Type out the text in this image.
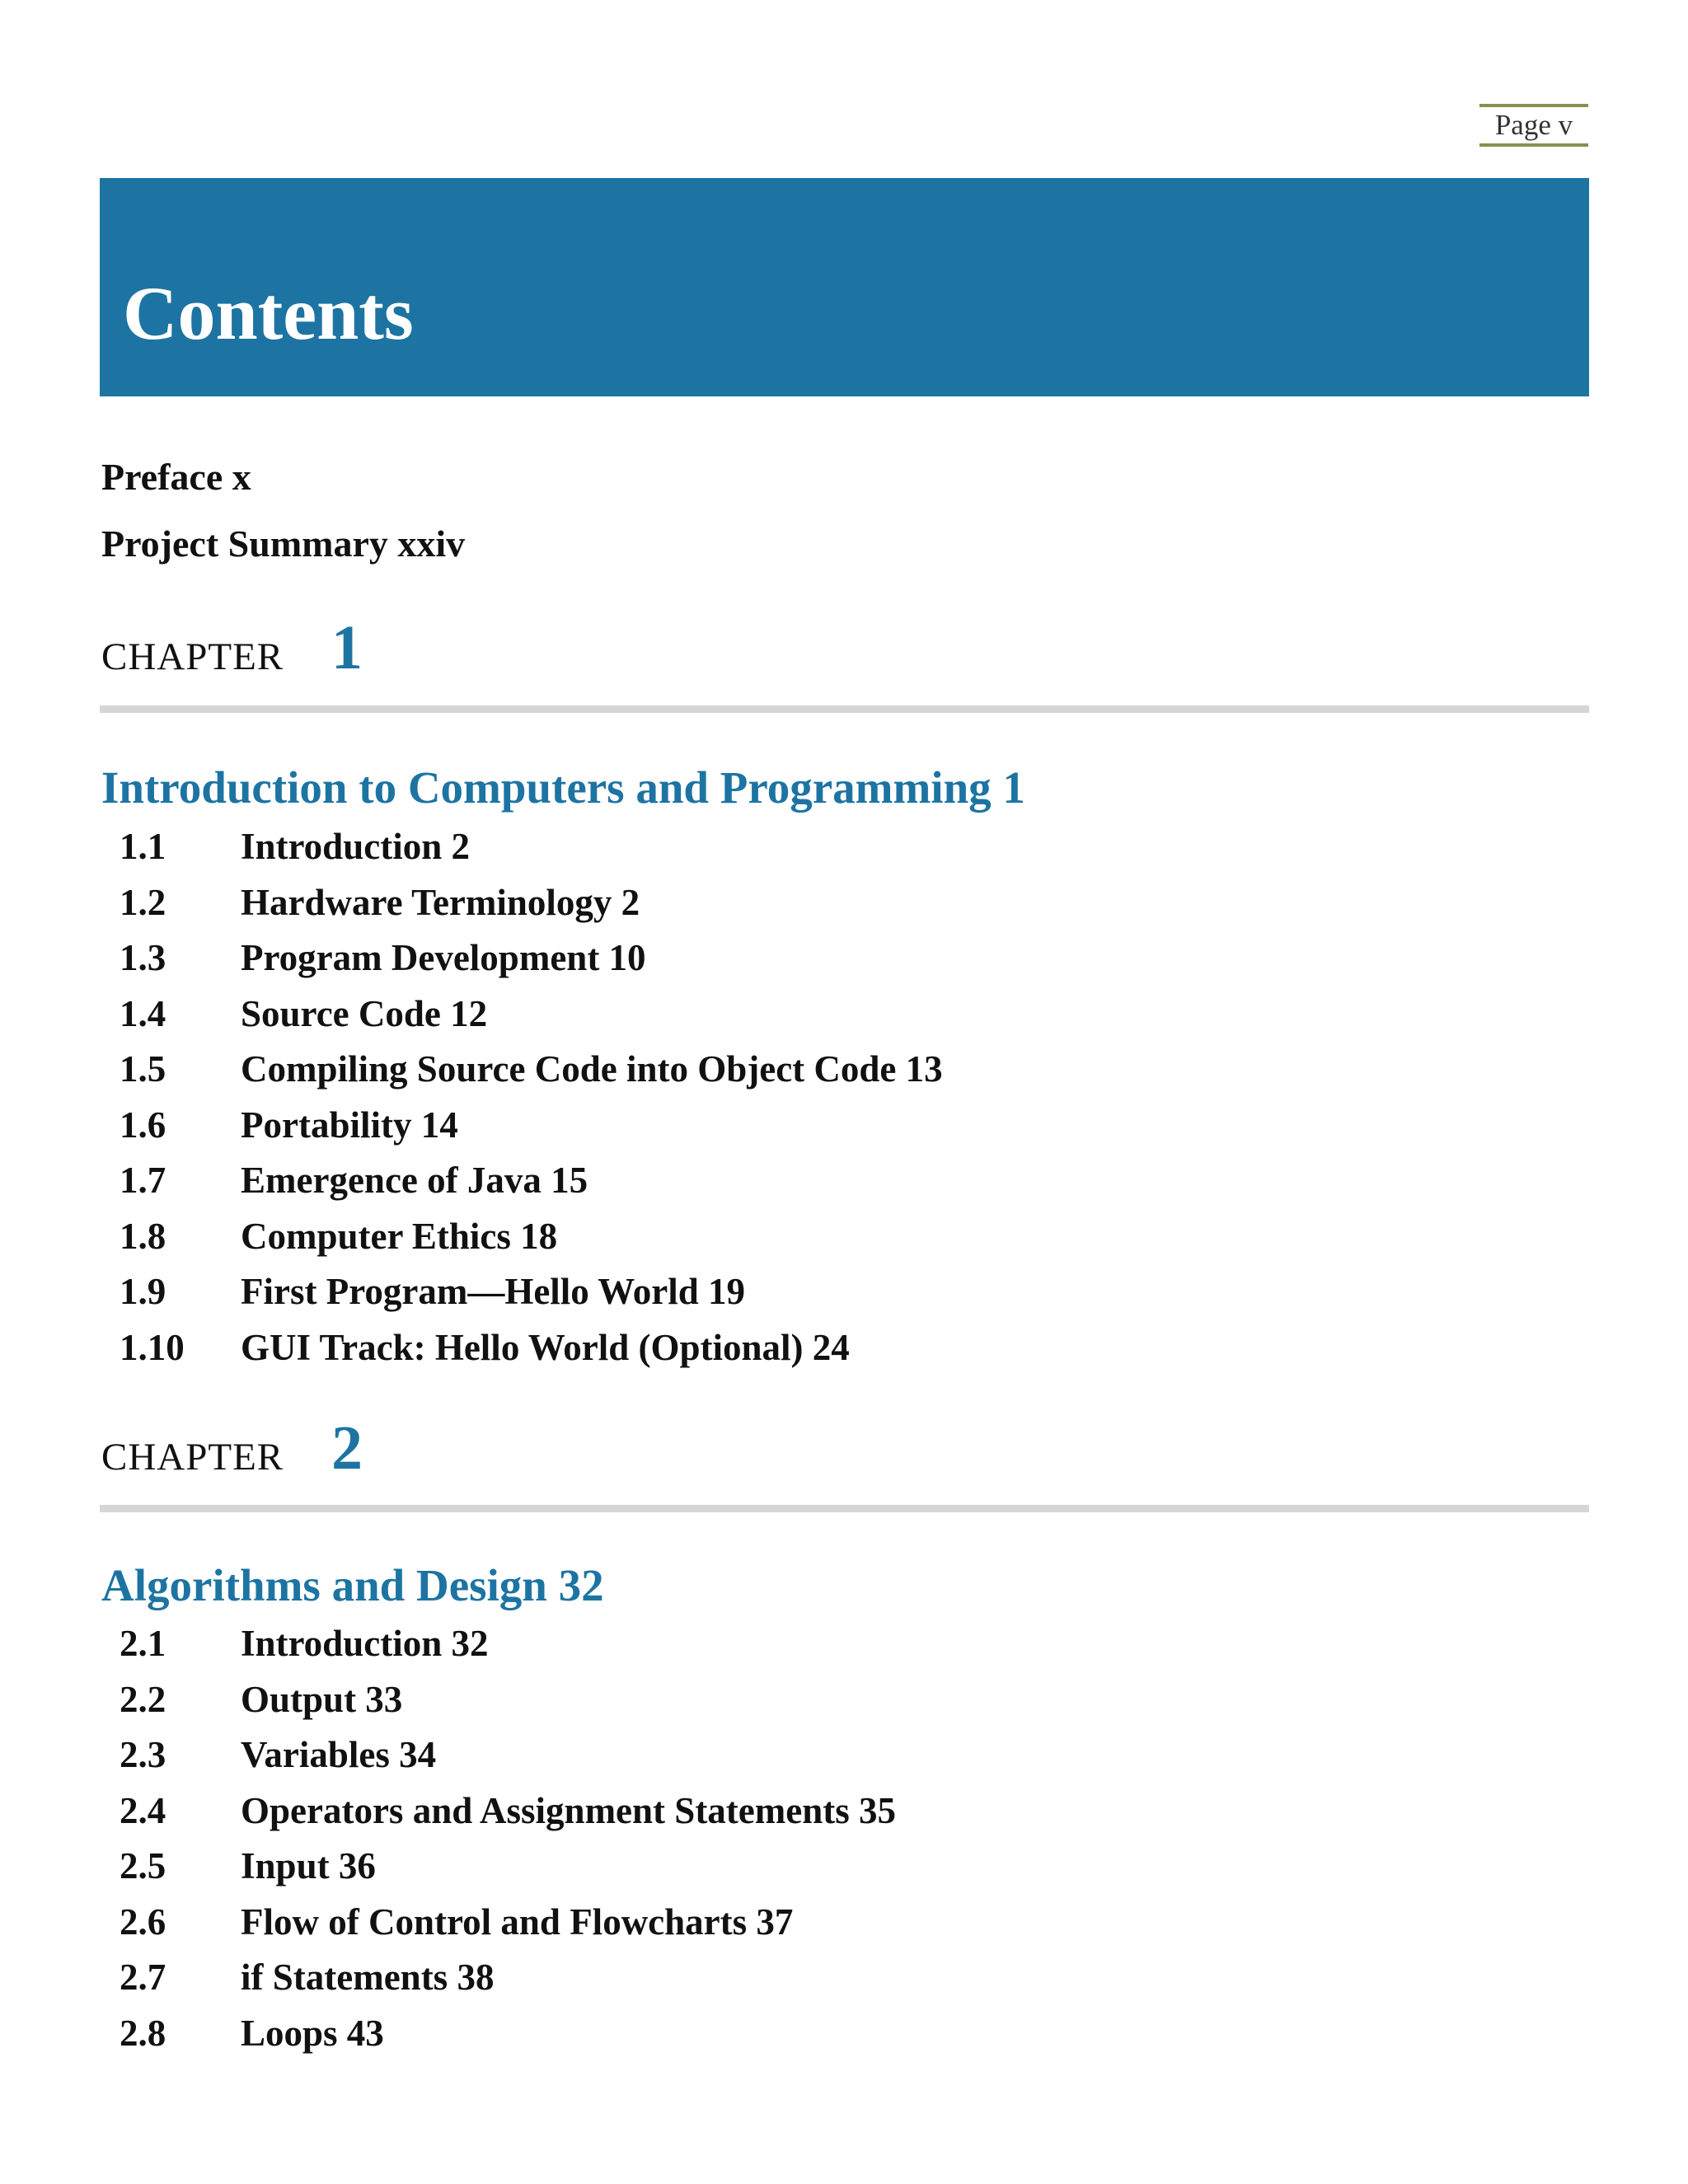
Page v
Contents
Preface x
Project Summary xxiv
CHAPTER 1
Introduction to Computers and Programming 1
1.1 Introduction 2
1.2 Hardware Terminology 2
1.3 Program Development 10
1.4 Source Code 12
1.5 Compiling Source Code into Object Code 13
1.6 Portability 14
1.7 Emergence of Java 15
1.8 Computer Ethics 18
1.9 First Program—Hello World 19
1.10 GUI Track: Hello World (Optional) 24
CHAPTER 2
Algorithms and Design 32
2.1 Introduction 32
2.2 Output 33
2.3 Variables 34
2.4 Operators and Assignment Statements 35
2.5 Input 36
2.6 Flow of Control and Flowcharts 37
2.7 if Statements 38
2.8 Loops 43
